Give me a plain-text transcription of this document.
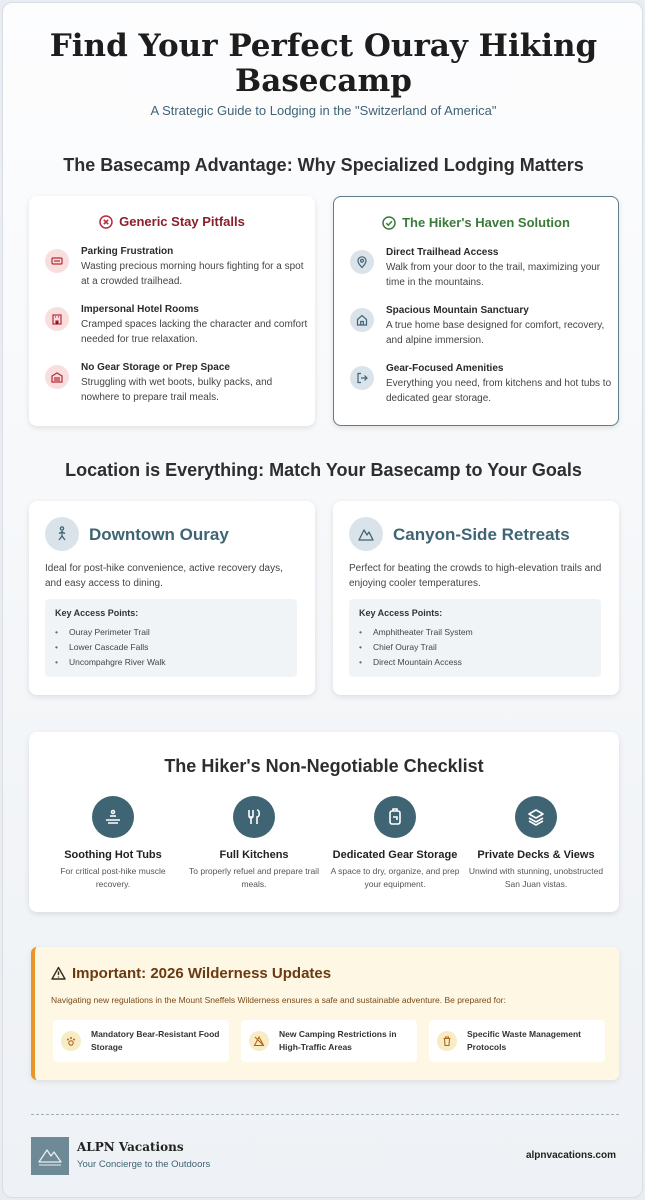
Find Your Perfect Ouray Hiking Basecamp
A Strategic Guide to Lodging in the "Switzerland of America"
The Basecamp Advantage: Why Specialized Lodging Matters
Generic Stay Pitfalls
Parking Frustration
Wasting precious morning hours fighting for a spot at a crowded trailhead.
Impersonal Hotel Rooms
Cramped spaces lacking the character and comfort needed for true relaxation.
No Gear Storage or Prep Space
Struggling with wet boots, bulky packs, and nowhere to prepare trail meals.
The Hiker's Haven Solution
Direct Trailhead Access
Walk from your door to the trail, maximizing your time in the mountains.
Spacious Mountain Sanctuary
A true home base designed for comfort, recovery, and alpine immersion.
Gear-Focused Amenities
Everything you need, from kitchens and hot tubs to dedicated gear storage.
Location is Everything: Match Your Basecamp to Your Goals
Downtown Ouray
Ideal for post-hike convenience, active recovery days, and easy access to dining.
Key Access Points:
• Ouray Perimeter Trail
• Lower Cascade Falls
• Uncompahgre River Walk
Canyon-Side Retreats
Perfect for beating the crowds to high-elevation trails and enjoying cooler temperatures.
Key Access Points:
• Amphitheater Trail System
• Chief Ouray Trail
• Direct Mountain Access
The Hiker's Non-Negotiable Checklist
Soothing Hot Tubs
For critical post-hike muscle recovery.
Full Kitchens
To properly refuel and prepare trail meals.
Dedicated Gear Storage
A space to dry, organize, and prep your equipment.
Private Decks & Views
Unwind with stunning, unobstructed San Juan vistas.
Important: 2026 Wilderness Updates
Navigating new regulations in the Mount Sneffels Wilderness ensures a safe and sustainable adventure. Be prepared for:
Mandatory Bear-Resistant Food Storage
New Camping Restrictions in High-Traffic Areas
Specific Waste Management Protocols
ALPN Vacations
Your Concierge to the Outdoors
alpnvacations.com
